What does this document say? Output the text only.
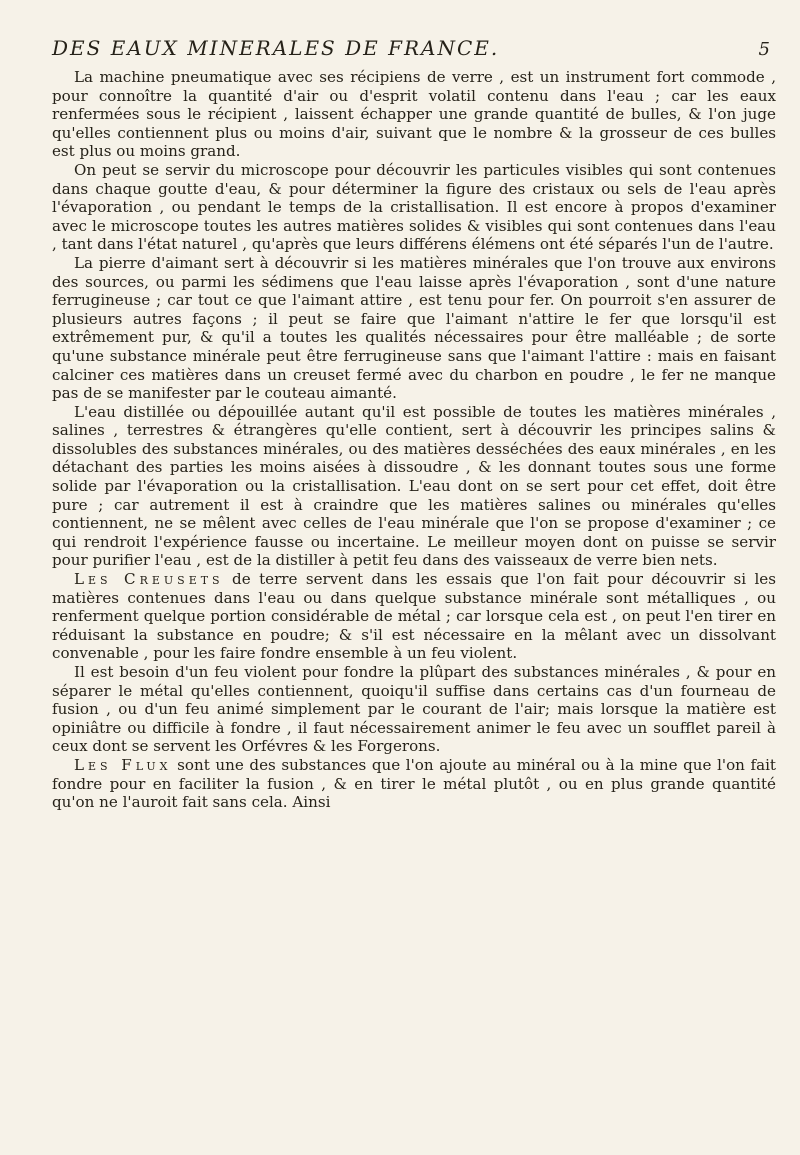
DES EAUX MINERALES DE FRANCE.	5

La machine pneumatique avec ses récipiens de verre , est un instrument fort commode , pour connoître la quantité d'air ou d'esprit volatil contenu dans l'eau ; car les eaux renfermées sous le récipient , laissent échapper une grande quantité de bulles, & l'on juge qu'elles contiennent plus ou moins d'air, suivant que le nombre & la grosseur de ces bulles est plus ou moins grand.

On peut se servir du microscope pour découvrir les particules visibles qui sont contenues dans chaque goutte d'eau, & pour déterminer la figure des cristaux ou sels de l'eau après l'évaporation , ou pendant le temps de la cristallisation. Il est encore à propos d'examiner avec le microscope toutes les autres matières solides & visibles qui sont contenues dans l'eau , tant dans l'état naturel , qu'après que leurs différens élémens ont été séparés l'un de l'autre.

La pierre d'aimant sert à découvrir si les matières minérales que l'on trouve aux environs des sources, ou parmi les sédimens que l'eau laisse après l'évaporation , sont d'une nature ferrugineuse ; car tout ce que l'aimant attire , est tenu pour fer. On pourroit s'en assurer de plusieurs autres façons ; il peut se faire que l'aimant n'attire le fer que lorsqu'il est extrêmement pur, & qu'il a toutes les qualités nécessaires pour être malléable ; de sorte qu'une substance minérale peut être ferrugineuse sans que l'aimant l'attire : mais en faisant calciner ces matières dans un creuset fermé avec du charbon en poudre , le fer ne manque pas de se manifester par le couteau aimanté.

L'eau distillée ou dépouillée autant qu'il est possible de toutes les matières minérales , salines , terrestres & étrangères qu'elle contient, sert à découvrir les principes salins & dissolubles des substances minérales, ou des matières desséchées des eaux minérales , en les détachant des parties les moins aisées à dissoudre , & les donnant toutes sous une forme solide par l'évaporation ou la cristallisation. L'eau dont on se sert pour cet effet, doit être pure ; car autrement il est à craindre que les matières salines ou minérales qu'elles contiennent, ne se mêlent avec celles de l'eau minérale que l'on se propose d'examiner ; ce qui rendroit l'expérience fausse ou incertaine. Le meilleur moyen dont on puisse se servir pour purifier l'eau , est de la distiller à petit feu dans des vaisseaux de verre bien nets.

Les Creusets de terre servent dans les essais que l'on fait pour découvrir si les matières contenues dans l'eau ou dans quelque substance minérale sont métalliques , ou renferment quelque portion considérable de métal ; car lorsque cela est , on peut l'en tirer en réduisant la substance en poudre; & s'il est nécessaire en la mêlant avec un dissolvant convenable , pour les faire fondre ensemble à un feu violent.

Il est besoin d'un feu violent pour fondre la plûpart des substances minérales , & pour en séparer le métal qu'elles contiennent, quoiqu'il suffise dans certains cas d'un fourneau de fusion , ou d'un feu animé simplement par le courant de l'air; mais lorsque la matière est opiniâtre ou difficile à fondre , il faut nécessairement animer le feu avec un soufflet pareil à ceux dont se servent les Orfévres & les Forgerons.

Les Flux sont une des substances que l'on ajoute au minéral ou à la mine que l'on fait fondre pour en faciliter la fusion , & en tirer le métal plutôt , ou en plus grande quantité qu'on ne l'auroit fait sans cela. Ainsi
